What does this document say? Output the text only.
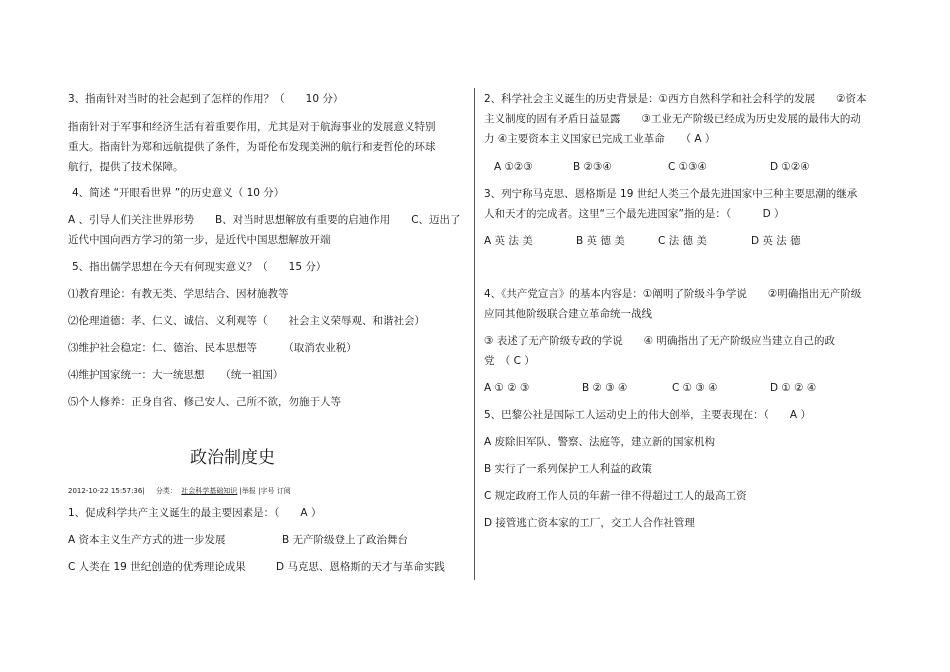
3、指南针对当时的社会起到了怎样的作用？（　　10 分）
指南针对于军事和经济生活有着重要作用，尤其是对于航海事业的发展意义特别
重大。指南针为郑和远航提供了条件，为哥伦布发现美洲的航行和麦哲伦的环球
航行，提供了技术保障。
4、简述 “开眼看世界 ”的历史意义（ 10 分）
A 、引导人们关注世界形势　　B、对当时思想解放有重要的启迪作用　　C、迈出了
近代中国向西方学习的第一步，是近代中国思想解放开端
5、指出儒学思想在今天有何现实意义？（　　15 分）
⑴教育理论：有教无类、学思结合、因材施教等
⑵伦理道德：孝、仁义、诚信、义利观等（　　社会主义荣辱观、和谐社会）
⑶维护社会稳定：仁、德治、民本思想等　　　（取消农业税）
⑷维护国家统一：大一统思想　　（统一祖国）
⑸个人修养：正身自省、修己安人、己所不欲，勿施于人等
政治制度史
2012-10-22 15:57:36| 分类： 社会科学基础知识 |举报 |字号 订阅
1、促成科学共产主义诞生的最主要因素是：（　　A ）
A 资本主义生产方式的进一步发展	B 无产阶级登上了政治舞台
C 人类在 19 世纪创造的优秀理论成果	D 马克思、恩格斯的天才与革命实践
2、科学社会主义诞生的历史背景是：①西方自然科学和社会科学的发展　　②资本
主义制度的固有矛盾日益显露　　③工业无产阶级已经成为历史发展的最伟大的动
力 ④主要资本主义国家已完成工业革命　　（ A ）
A ①②③	B ②③④	C ①③④	D ①②④
3、列宁称马克思、恩格斯是 19 世纪人类三个最先进国家中三种主要思潮的继承
人和天才的完成者。这里“三个最先进国家”指的是：（　　　D ）
A 英 法 美	B 英 德 美	C 法 德 美	D 英 法 德
4、《共产党宣言》的基本内容是：①阐明了阶级斗争学说　　②明确指出无产阶级
应同其他阶级联合建立革命统一战线
③ 表述了无产阶级专政的学说　　④ 明确指出了无产阶级应当建立自己的政
党　（ C ）
A ① ② ③	B ② ③ ④	C ① ③ ④	D ① ② ④
5、巴黎公社是国际工人运动史上的伟大创举，主要表现在：（　　A ）
A 废除旧军队、警察、法庭等，建立新的国家机构
B 实行了一系列保护工人利益的政策
C 规定政府工作人员的年薪一律不得超过工人的最高工资
D 接管逃亡资本家的工厂，交工人合作社管理
